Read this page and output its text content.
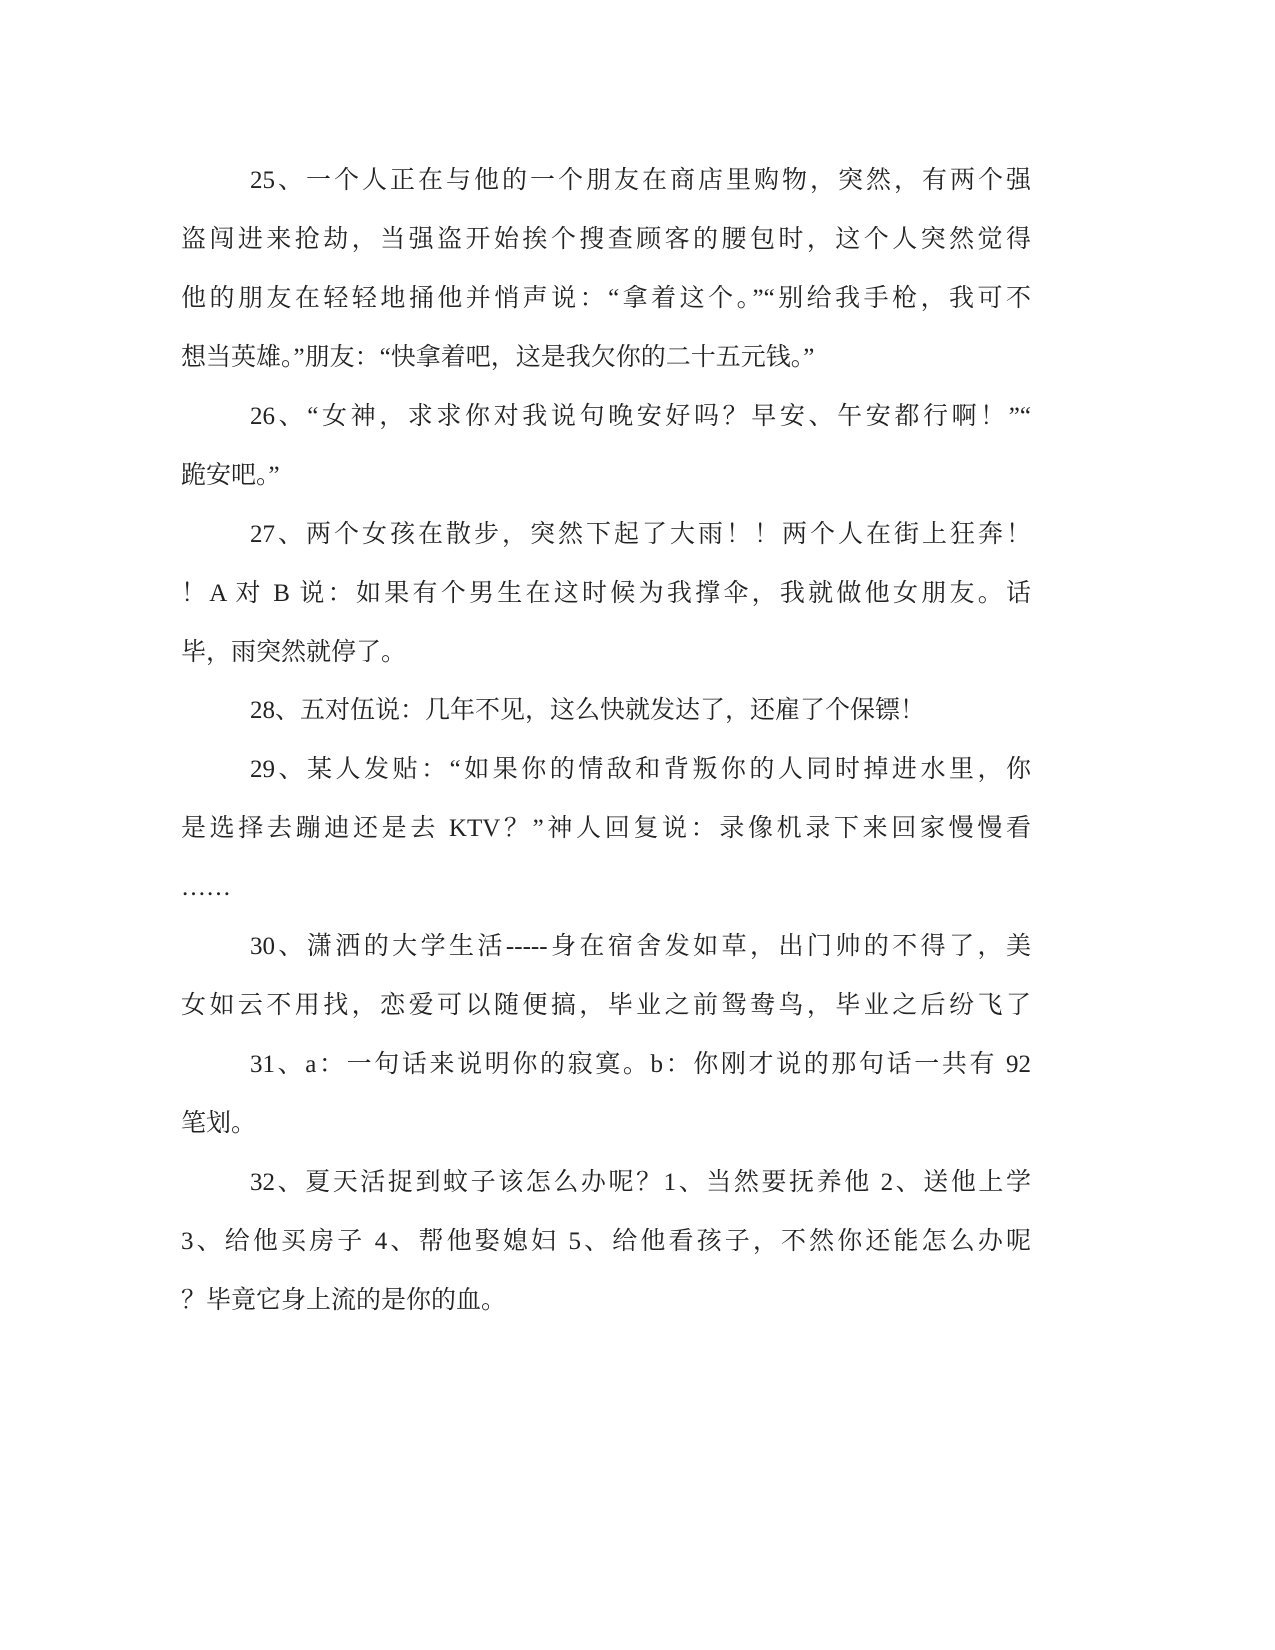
25、一个人正在与他的一个朋友在商店里购物，突然，有两个强
盗闯进来抢劫，当强盗开始挨个搜查顾客的腰包时，这个人突然觉得
他的朋友在轻轻地捅他并悄声说：“拿着这个。”“别给我手枪，我可不
想当英雄。”朋友：“快拿着吧，这是我欠你的二十五元钱。”
26、“女神，求求你对我说句晚安好吗？早安、午安都行啊！”“
跪安吧。”
27、两个女孩在散步，突然下起了大雨！！两个人在街上狂奔！
！A 对 B 说：如果有个男生在这时候为我撑伞，我就做他女朋友。话
毕，雨突然就停了。
28、五对伍说：几年不见，这么快就发达了，还雇了个保镖！
29、某人发贴：“如果你的情敌和背叛你的人同时掉进水里，你
是选择去蹦迪还是去 KTV？”神人回复说：录像机录下来回家慢慢看
……
30、潇洒的大学生活-----身在宿舍发如草，出门帅的不得了，美
女如云不用找，恋爱可以随便搞，毕业之前鸳鸯鸟，毕业之后纷飞了
31、a：一句话来说明你的寂寞。b：你刚才说的那句话一共有 92
笔划。
32、夏天活捉到蚊子该怎么办呢？1、当然要抚养他 2、送他上学
3、给他买房子 4、帮他娶媳妇 5、给他看孩子，不然你还能怎么办呢
？毕竟它身上流的是你的血。
